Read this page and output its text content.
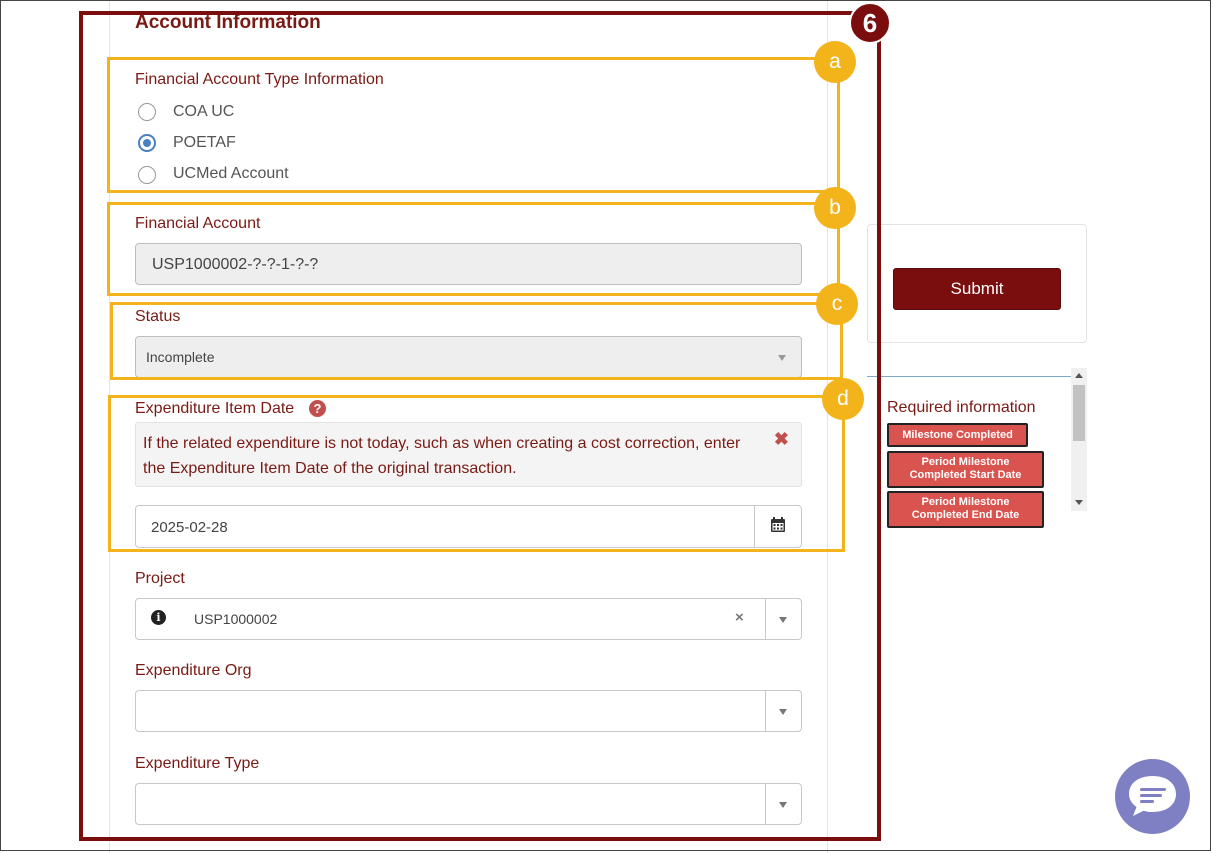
Account Information
Financial Account Type Information
COA UC
POETAF
UCMed Account
Financial Account
USP1000002-?-?-1-?-?
Status
Incomplete
Expenditure Item Date	?
If the related expenditure is not today, such as when creating a cost correction, enter the Expenditure Item Date of the original transaction.
✖
2025-02-28
Project
USP1000002
i	×
Expenditure Org
Expenditure Type
Submit
Milestone Completed
Period Milestone Completed Start Date
Period Milestone Completed End Date
Required information
6
a
b
c
d
